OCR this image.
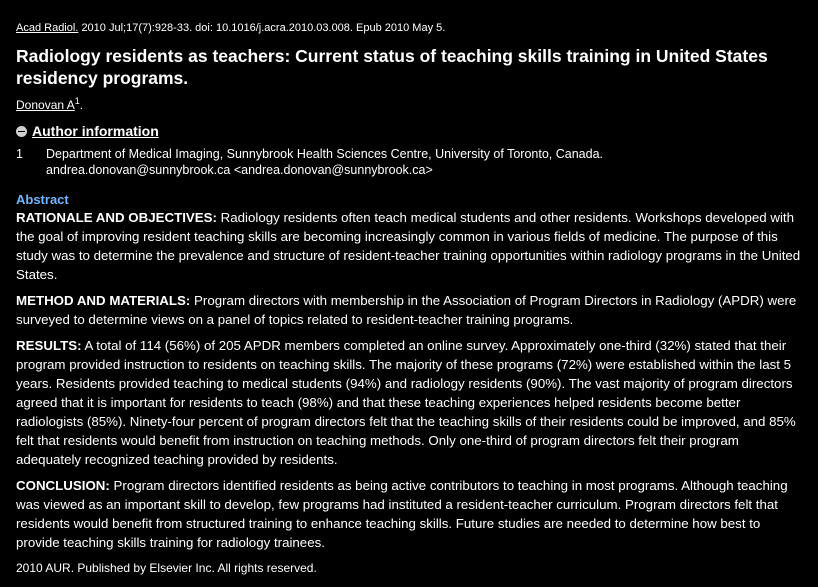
Acad Radiol. 2010 Jul;17(7):928-33. doi: 10.1016/j.acra.2010.03.008. Epub 2010 May 5.
Radiology residents as teachers: Current status of teaching skills training in United States residency programs.
Donovan $A^1$.
Author information
1	Department of Medical Imaging, Sunnybrook Health Sciences Centre, University of Toronto, Canada.
andrea.donovan@sunnybrook.ca <andrea.donovan@sunnybrook.ca>
Abstract

RATIONALE AND OBJECTIVES: Radiology residents often teach medical students and other residents. Workshops developed with the goal of improving resident teaching skills are becoming increasingly common in various fields of medicine. The purpose of this study was to determine the prevalence and structure of resident-teacher training opportunities within radiology programs in the United States.

METHOD AND MATERIALS: Program directors with membership in the Association of Program Directors in Radiology (APDR) were surveyed to determine views on a panel of topics related to resident-teacher training programs.

RESULTS: A total of 114 (56%) of 205 APDR members completed an online survey. Approximately one-third (32%) stated that their program provided instruction to residents on teaching skills. The majority of these programs (72%) were established within the last 5 years. Residents provided teaching to medical students (94%) and radiology residents (90%). The vast majority of program directors agreed that it is important for residents to teach (98%) and that these teaching experiences helped residents become better radiologists (85%). Ninety-four percent of program directors felt that the teaching skills of their residents could be improved, and 85% felt that residents would benefit from instruction on teaching methods. Only one-third of program directors felt their program adequately recognized teaching provided by residents.

CONCLUSION: Program directors identified residents as being active contributors to teaching in most programs. Although teaching was viewed as an important skill to develop, few programs had instituted a resident-teacher curriculum. Program directors felt that residents would benefit from structured training to enhance teaching skills. Future studies are needed to determine how best to provide teaching skills training for radiology trainees.

2010 AUR. Published by Elsevier Inc. All rights reserved.
